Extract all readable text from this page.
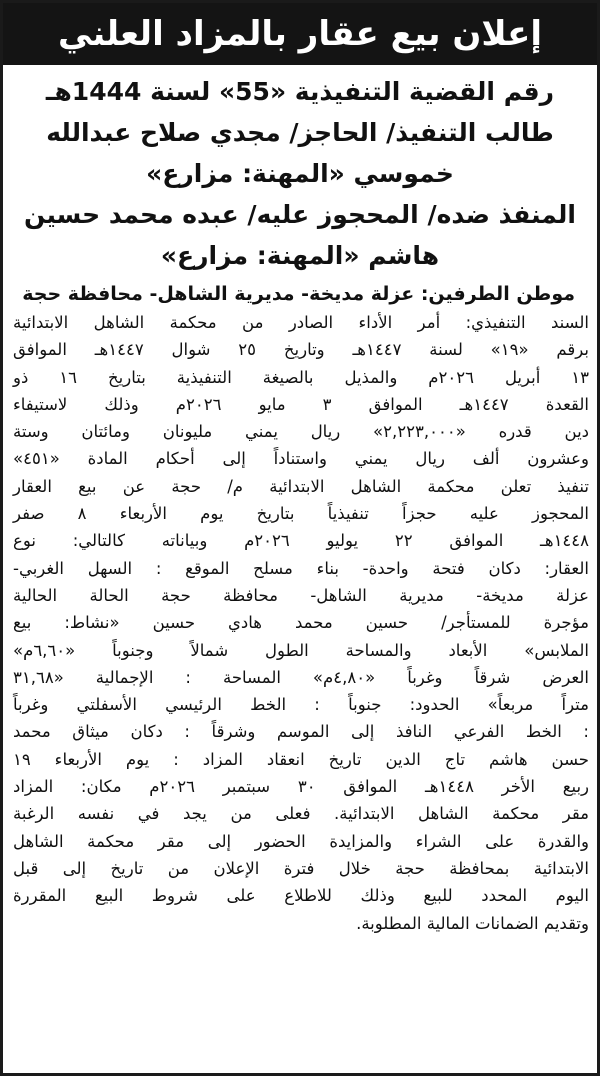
إعلان بيع عقار بالمزاد العلني
رقم القضية التنفيذية «55» لسنة 1444هـ
طالب التنفيذ/ الحاجز/ مجدي صلاح عبدالله
خموسي «المهنة: مزارع»
المنفذ ضده/ المحجوز عليه/ عبده محمد حسين
هاشم «المهنة: مزارع»
موطن الطرفين: عزلة مديخة- مديرية الشاهل- محافظة حجة
السند التنفيذي: أمر الأداء الصادر من محكمة الشاهل الابتدائية
برقم «١٩» لسنة ١٤٤٧هـ وتاريخ ٢٥ شوال ١٤٤٧هـ الموافق
١٣ أبريل ٢٠٢٦م والمذيل بالصيغة التنفيذية بتاريخ ١٦ ذو
القعدة ١٤٤٧هـ الموافق ٣ مايو ٢٠٢٦م وذلك لاستيفاء
دين قدره «٢,٢٢٣,٠٠٠» ريال يمني مليونان ومائتان وستة
وعشرون ألف ريال يمني واستناداً إلى أحكام المادة «٤٥١»
تنفيذ تعلن محكمة الشاهل الابتدائية م/ حجة عن بيع العقار
المحجوز عليه حجزاً تنفيذياً بتاريخ يوم الأربعاء ٨ صفر
١٤٤٨هـ الموافق ٢٢ يوليو ٢٠٢٦م وبياناته كالتالي: نوع
العقار: دكان فتحة واحدة- بناء مسلح الموقع : السهل الغربي-
عزلة مديخة- مديرية الشاهل- محافظة حجة الحالة الحالية
مؤجرة للمستأجر/ حسين محمد هادي حسين «نشاط: بيع
الملابس» الأبعاد والمساحة الطول شمالاً وجنوباً «٦,٦٠م»
العرض شرقاً وغرباً «٤,٨٠م» المساحة : الإجمالية «٣١,٦٨
متراً مربعاً» الحدود: جنوباً : الخط الرئيسي الأسفلتي وغرباً
: الخط الفرعي النافذ إلى الموسم وشرقاً : دكان ميثاق محمد
حسن هاشم تاج الدين تاريخ انعقاد المزاد : يوم الأربعاء ١٩
ربيع الأخر ١٤٤٨هـ الموافق ٣٠ سبتمبر ٢٠٢٦م مكان: المزاد
مقر محكمة الشاهل الابتدائية. فعلى من يجد في نفسه الرغبة
والقدرة على الشراء والمزايدة الحضور إلى مقر محكمة الشاهل
الابتدائية بمحافظة حجة خلال فترة الإعلان من تاريخ إلى قبل
اليوم المحدد للبيع وذلك للاطلاع على شروط البيع المقررة
وتقديم الضمانات المالية المطلوبة.
